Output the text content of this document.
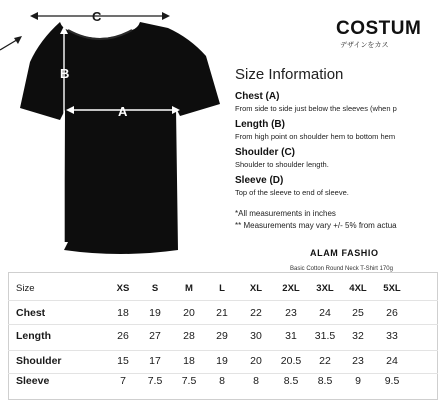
A
B
C
COSTUM
デザインをカス
Size Information
Chest (A)
From side to side just below the sleeves (when p
Length (B)
From high point on shoulder hem to bottom hem
Shoulder (C)
Shoulder to shoulder length.
Sleeve (D)
Top of the sleeve to end of sleeve.
*All measurements in inches
** Measurements may vary +/- 5% from actua
ALAM FASHIO
Basic Cotton Round Neck T-Shirt 170g
Size	XS	S	M	L	XL	2XL	3XL	4XL	5XL
Chest	18	19	20	21	22	23	24	25	26
Length	26	27	28	29	30	31	31.5	32	33
Shoulder	15	17	18	19	20	20.5	22	23	24
Sleeve	7	7.5	7.5	8	8	8.5	8.5	9	9.5
